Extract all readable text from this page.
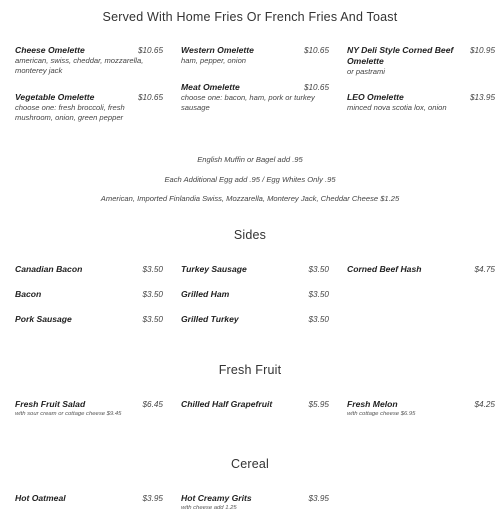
Served With Home Fries Or French Fries And Toast
Cheese Omelette	$10.65
american, swiss, cheddar, mozzarella, monterey jack
Western Omelette	$10.65
ham, pepper, onion
NY Deli Style Corned Beef Omelette
$10.95
or pastrami
Vegetable Omelette	$10.65
choose one: fresh broccoli, fresh mushroom, onion, green pepper
Meat Omelette	$10.65
choose one: bacon, ham, pork or turkey sausage
LEO Omelette	$13.95
minced nova scotia lox, onion
English Muffin or Bagel add .95
Each Additional Egg add .95 / Egg Whites Only .95
American, Imported Finlandia Swiss, Mozzarella, Monterey Jack, Cheddar Cheese $1.25
Sides
Canadian Bacon	$3.50 Turkey Sausage	$3.50 Corned Beef Hash	$4.75
Bacon	$3.50 Grilled Ham	$3.50
Pork Sausage	$3.50 Grilled Turkey	$3.50
Fresh Fruit
Fresh Fruit Salad	$6.45
with sour cream or cottage cheese $9.45
Chilled Half Grapefruit	$5.95 Fresh Melon	$4.25
with cottage cheese $6.95
Cereal
Hot Oatmeal	$3.95 Hot Creamy Grits	$3.95
with cheese add 1.25
